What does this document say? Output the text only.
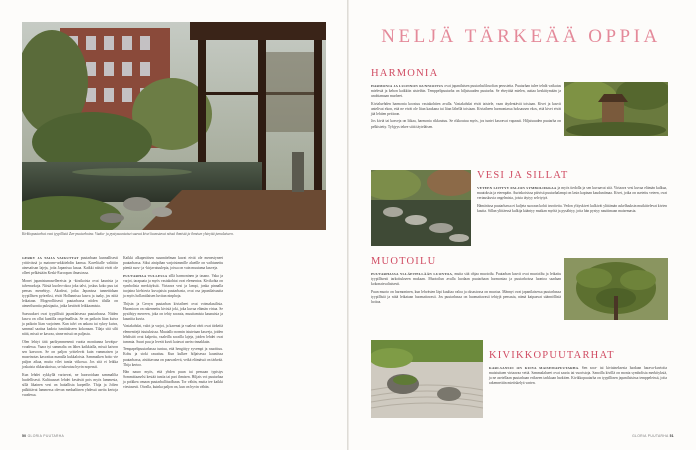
Kirkkopuutarhat ovat tyypillisiä Zen-puutarhoina. Vaaka- ja pystysuuntaiset saavat kivet kuvastavat niissä ihmistä ja ihmisen yhteyttä jumalaiseen.

GERRY JA TAIJA VAIKUTTAT puutarhaan kunnallisesti yrittivässä ja matorne-arkkitehdin kanssa. Kavelitalle valittiin ainesaiisan lajeja, joita Japanissa kasaa. Kaikki näistä eivät ole olleet pelkästään Keski-Euroopan ilmastossa.

Monet japanistumasellereista ja -kirsikoista ovat kaunista ja talvenarkoja. Niistä kuoleo-okoa joka talvi, joskus koko puu tai pensas menehtyy. Akodeat, jotka Japanissa tunnettidaan tyypillisen pyöreiksi, eivät Hollannissa kasva ja taaky, jos niitä leikataan. Mogerolliisesti puutarhassa niiden tilalla on aimeriluontia puksipuita, jotka kestävät leikkaamista.

Saavuukset ovat tyypillisiä japanilaisessa puutarhassa. Niiden kasvu on ollut kuntilla ongelmallista. Se on paikoin liian kuiva ja paikoin liian varjoinen. Kun talvi on ankara tai sykey kuiva, sammal saattaa kadota ismittakseen kokonaan. Tilaja sitä silti niitä, missä se kasvaa, sinne missä on paljastu.

Olen lehtyt tätä parikymmenenä vuotta monitanna kevätpa-voudessa. Vaara tyi sammalta on lähes kaikkialla, missä kaivon sen kasvoon. Se on paljon yrittelevät kuin vammaisen ja museinotas kasvattaa manalla kukkaloista. Sammaiken hoito vie paljon aikaa, mutta vilet tuntia viikossa. Jos sitä ei leikka joskaista rikkarukoissa, se tukeutuu hyvin nopeasti.

Kun lehdet sykkyllä varisevat, ne haravoidaan sammalilta huolellisesti. Kulttuuuset lehdet kestävät pois myös lammesta, sillä likainen vesi on haitallista karpeille. Thija ja Jolien palkittävat lammessa olevan medaaliinen yhdessä useita kertoja vuodessa.

Kaikki alkuperäisen suunnitelman kuvat eivät ole menestyneet puutarhassa. Siksi ainipihan varjoisimmille alueille on vaihtunettu pieniä suru- ja -kirjavatuulepia, joissa on vain muutama kasveja.

PUUTARHAA TULLESSA sillä harmoninen ja tasano. Vaka ja varjot, tarapaata ja myös vastakohtat ovat elementoa. Kivikohta on symbolisia merkityksiä. Virtaava vesi ja lampi, jonka pinnalla tuojaina kiehtovia kuvajaisia puutarhasta, ovat osa japanilaisuutta ja myös hollantilaisen luvitan ninphoja.

Thijsin ja Gerryn puutarhan kiviaiheet ovat voimakasilisia. Huomioon on rakennettu kivistä joki, joka kuvaa elämän virtaa. Se pysähtyy merreen, joka on tehty soraata, muuttamista kaunuisia ja kauniita kuvia.

Vastakohdat, valot ja varjot, ja karenat ja vaaleat värit ovat tärkeitä elementtejä istutuksissa. Muutallo normin istutetaan kasveja, joiden lehdistöt ovat kalpeita, vaaleilla sorailla lajeja, joiden lehdet ovat tummia. Suuri puu ja leveät kuvii katavat usein rinnakkain.

Tempapelipuutarhassa tuntuu, että hengittyy syvempi ja rauoittuu. Kohu ja stoki rauattuu. Kun kulkee hiljaisessa kauniissa puutarhassa, aistittavana on puuvaslevä, veikä elämässä on tärkeää. Thija kertoo.

Hän nauro myös, että yhden puun tai pensaan typistys Sommittaaselsi kestää tuntia tai pari ihmisen. Hiljais voi puutarhaa ja poikkea omaan puutarhallituolbaan. Tor vähän, mutta tee kaikki viestasesti. Oivalla, kuinka paljon on, kun on hyvin vähän.

50 GLORIA PUUTARHA
NELJÄ TÄRKEÄÄ OPPIA
HARMONIA

HARMONIA JA LUONNON KUNNIOITUS ovat japanilaisen puutarhafilosofian perusteita. Puutarhan tulee tehdä vaikutus mielestä ja kehon kaikkiin aisteihin. Temppelipuutarha on hiljaisuuden puutarha. Se eheyttää mielen, auttaa keskittymään ja unohtamaan murheet.

Kivialuehden harmonia koostuu vastakohtien avulla. Vastakohdat eivät taistele, vaan täydentävät toisiaan. Kivet ja kasvit antelivat ekon, että ne eivät ole liian kaukana tai liian lähellä toisiaan. Kiviaiheen harmoniassa hoksausen ekos, että kivet eivät jää lehtien peittoon.

Jos kiviä tai kasveja on liikaa, harmonia rikkoutuu. Se rikkoutuu myös, jos tuntei kasvavat vapaasti. Hiljaisuuden puutarha on pelkistetty. Tyhjyys tekee siitä täyteläisen.

VESI JA SILLAT

VETEEN LIITTYY PALJON SYMBOLIIKKAA ja myös tiedolla ja sen kuvaavat sitä. Virtaava vesi kuvaa elämän kulkua, muutoksia ja eteenpäin. Aurinkoisissa päivisä puutarhalampi on lasin kapinan kauduniimaa. Kivet, jotka on asetettu veteen, ovat vertauskuvia ongelmista, joista täytyy selviytyä.

Hämärässa puutarhassa ei kuljeta suoraan kohti tavoitetta. Vedon ylityskivet kulkivät ylittämän askelluuksin mutkittelevat kivien kautta. Sillan ylittäessä kulkija kääntyy mutkan myötä ja pysähtyy, jotta hän pystyy nauttimaan maisemasta.

MUOTOILU

PUUTARHASSA YLLÄPITELLÄÄN LUONTOA, mutta sitä ohjaa muotoilu. Puutarhan kasvit ovat muotoiltu ja leikattu tyypillisesti tarkoitukseen mukaan. Muotoilun avulla luodaan puutarhaan harmoniaa ja puutarhoissa luontoa saadaan kokonaisvaltaisesti.

Puun muoto on harmoninen, kun lehvästen läpi kuultaa valoa ja oksastossa on muotoa. Männyt ovat japanilaisessa puutarhassa tyypillisiä ja niitä leikataan huomattavasti. Jos puutarhassa on huomattavasti tehtyjä pensasia, nämä kaipaavat säännöllistä hoitoa.

KIVIKKOPUUTARHAT

KARI-SANSUI ON KUIVA MAISEMAPUUTARHA. Sen sora- tai kiviaineksesta luodaan harava-kuvioita muistuttaen virtaavaa vettä. Sammalalueet ovat saaria tai vuoristoja. Sanoilla kivillä on monia symbolisia merkityksiä, ja ne asetellaan puutarhaan erikseen tarkkaan harkiten. Kivikkopuutarha on tyypillinen japanilaisissa temppeleissä, joita rakennettiin mietiskelyä varten.

GLORIA PUUTARHA 51
